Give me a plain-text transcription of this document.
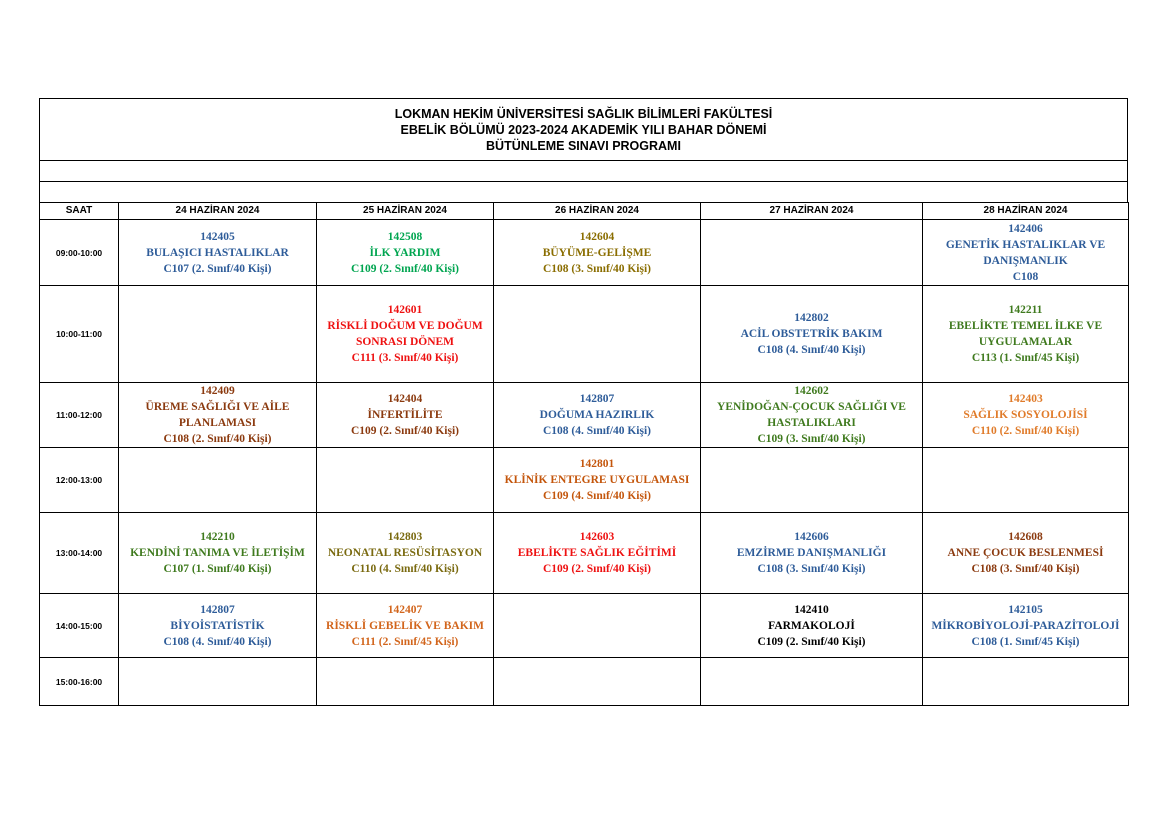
LOKMAN HEKİM ÜNİVERSİTESİ SAĞLIK BİLİMLERİ FAKÜLTESİ
EBELİK BÖLÜMÜ 2023-2024 AKADEMİK YILI BAHAR DÖNEMİ
BÜTÜNLEME SINAVI PROGRAMI
SAAT	24 HAZİRAN 2024	25 HAZİRAN 2024	26 HAZİRAN 2024	27 HAZİRAN 2024	28 HAZİRAN 2024
09:00-10:00	142405
BULAŞICI HASTALIKLAR
C107 (2. Sınıf/40 Kişi)	142508
İLK YARDIM
C109 (2. Sınıf/40 Kişi)	142604
BÜYÜME-GELİŞME
C108 (3. Sınıf/40 Kişi)		142406
GENETİK HASTALIKLAR VE DANIŞMANLIK
C108

10:00-11:00		142601
RİSKLİ DOĞUM VE DOĞUM SONRASI DÖNEM
C111 (3. Sınıf/40 Kişi)		142802
ACİL OBSTETRİK BAKIM
C108 (4. Sınıf/40 Kişi)	142211
EBELİKTE TEMEL İLKE VE UYGULAMALAR
C113 (1. Sınıf/45 Kişi)

11:00-12:00	142409
ÜREME SAĞLIĞI VE AİLE PLANLAMASI
C108 (2. Sınıf/40 Kişi)	142404
İNFERTİLİTE
C109 (2. Sınıf/40 Kişi)	142807
DOĞUMA HAZIRLIK
C108 (4. Sınıf/40 Kişi)	142602
YENİDOĞAN-ÇOCUK SAĞLIĞI VE HASTALIKLARI
C109 (3. Sınıf/40 Kişi)	142403
SAĞLIK SOSYOLOJİSİ
C110 (2. Sınıf/40 Kişi)

12:00-13:00			142801
KLİNİK ENTEGRE UYGULAMASI
C109 (4. Sınıf/40 Kişi)		

13:00-14:00	142210
KENDİNİ TANIMA VE İLETİŞİM
C107 (1. Sınıf/40 Kişi)	142803
NEONATAL RESÜSİTASYON
C110 (4. Sınıf/40 Kişi)	142603
EBELİKTE SAĞLIK EĞİTİMİ
C109 (2. Sınıf/40 Kişi)	142606
EMZİRME DANIŞMANLIĞI
C108 (3. Sınıf/40 Kişi)	142608
ANNE ÇOCUK BESLENMESİ
C108 (3. Sınıf/40 Kişi)

14:00-15:00	142807
BİYOİSTATİSTİK
C108 (4. Sınıf/40 Kişi)	142407
RİSKLİ GEBELİK VE BAKIM
C111 (2. Sınıf/45 Kişi)		142410
FARMAKOLOJİ
C109 (2. Sınıf/40 Kişi)	142105
MİKROBİYOLOJİ-PARAZİTOLOJİ
C108 (1. Sınıf/45 Kişi)

15:00-16:00					
